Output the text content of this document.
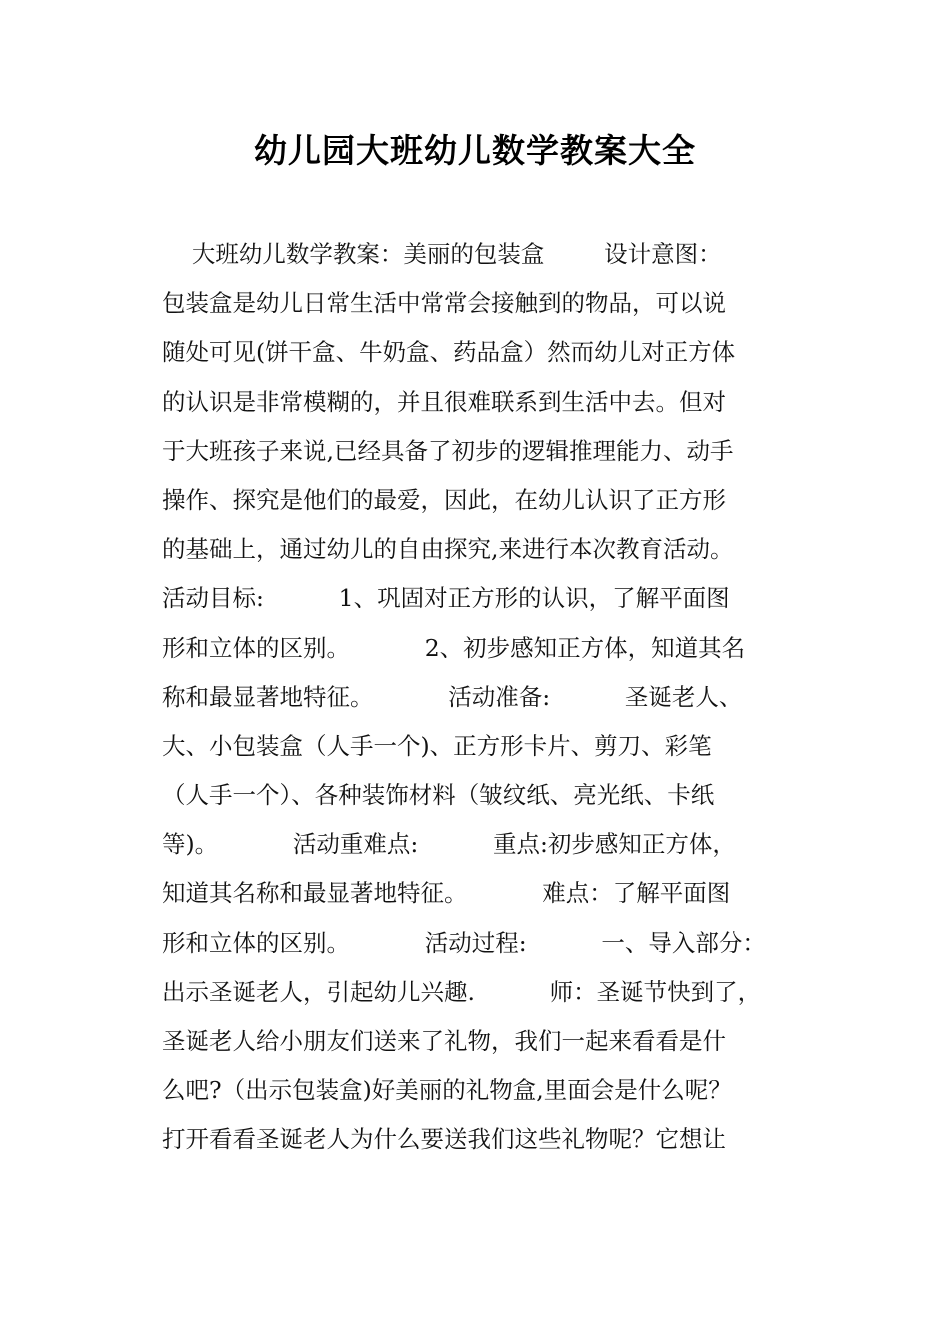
幼儿园大班幼儿数学教案大全
大班幼儿数学教案：美丽的包装盒        设计意图：
包装盒是幼儿日常生活中常常会接触到的物品，可以说
随处可见(饼干盒、牛奶盒、药品盒）然而幼儿对正方体
的认识是非常模糊的，并且很难联系到生活中去。但对
于大班孩子来说,已经具备了初步的逻辑推理能力、动手
操作、探究是他们的最爱，因此，在幼儿认识了正方形
的基础上，通过幼儿的自由探究,来进行本次教育活动。
活动目标:          1、巩固对正方形的认识，了解平面图
形和立体的区别。          2、初步感知正方体，知道其名
称和最显著地特征。          活动准备:          圣诞老人、
大、小包装盒（人手一个)、正方形卡片、剪刀、彩笔
（人手一个）、各种装饰材料（皱纹纸、亮光纸、卡纸
等)。          活动重难点:          重点:初步感知正方体，
知道其名称和最显著地特征。          难点：了解平面图
形和立体的区别。          活动过程:          一、导入部分：
出示圣诞老人，引起幼儿兴趣.          师：圣诞节快到了，
圣诞老人给小朋友们送来了礼物，我们一起来看看是什
么吧?（出示包装盒)好美丽的礼物盒,里面会是什么呢？
打开看看圣诞老人为什么要送我们这些礼物呢？它想让
